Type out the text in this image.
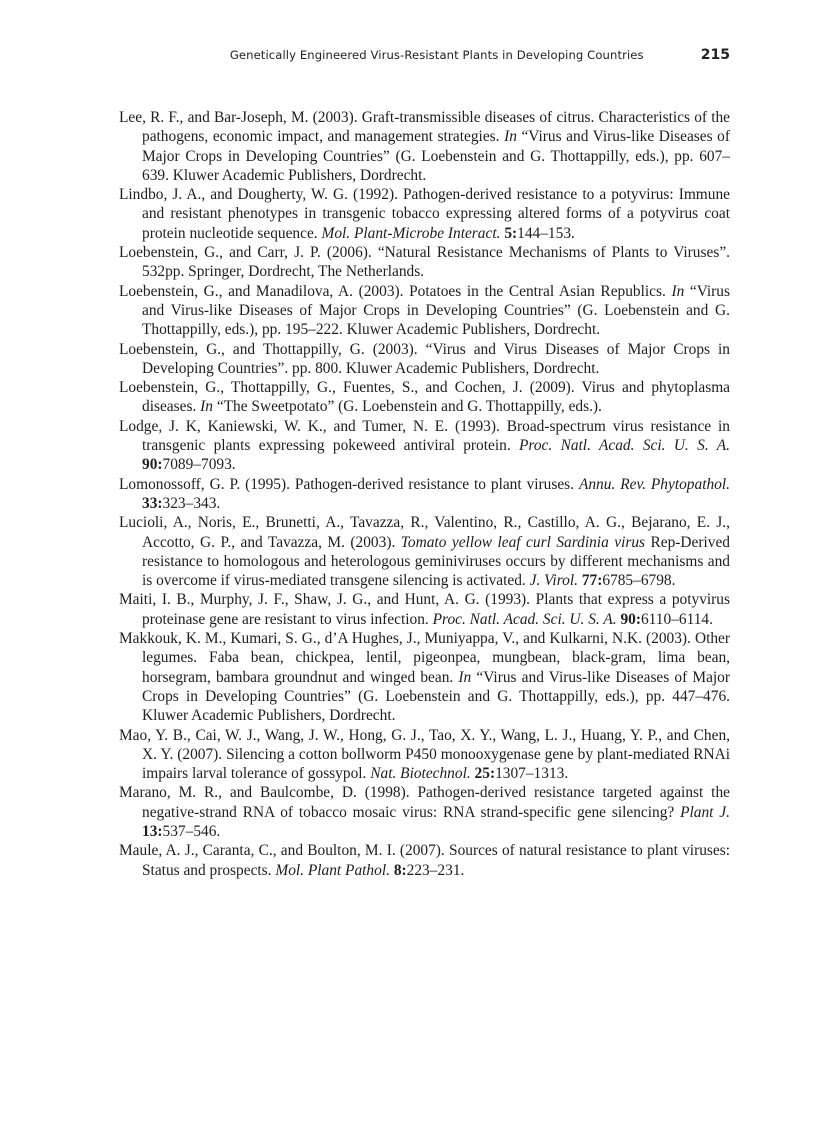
Genetically Engineered Virus-Resistant Plants in Developing Countries	215

Lee, R. F., and Bar-Joseph, M. (2003). Graft-transmissible diseases of citrus. Characteristics of the pathogens, economic impact, and management strategies. In “Virus and Virus-like Diseases of Major Crops in Developing Countries” (G. Loebenstein and G. Thottappilly, eds.), pp. 607–639. Kluwer Academic Publishers, Dordrecht.

Lindbo, J. A., and Dougherty, W. G. (1992). Pathogen-derived resistance to a potyvirus: Immune and resistant phenotypes in transgenic tobacco expressing altered forms of a potyvirus coat protein nucleotide sequence. Mol. Plant-Microbe Interact. 5:144–153.

Loebenstein, G., and Carr, J. P. (2006). “Natural Resistance Mechanisms of Plants to Viruses”. 532pp. Springer, Dordrecht, The Netherlands.

Loebenstein, G., and Manadilova, A. (2003). Potatoes in the Central Asian Republics. In “Virus and Virus-like Diseases of Major Crops in Developing Countries” (G. Loebenstein and G. Thottappilly, eds.), pp. 195–222. Kluwer Academic Publishers, Dordrecht.

Loebenstein, G., and Thottappilly, G. (2003). “Virus and Virus Diseases of Major Crops in Developing Countries”. pp. 800. Kluwer Academic Publishers, Dordrecht.

Loebenstein, G., Thottappilly, G., Fuentes, S., and Cochen, J. (2009). Virus and phytoplasma diseases. In “The Sweetpotato” (G. Loebenstein and G. Thottappilly, eds.).

Lodge, J. K, Kaniewski, W. K., and Tumer, N. E. (1993). Broad-spectrum virus resistance in transgenic plants expressing pokeweed antiviral protein. Proc. Natl. Acad. Sci. U. S. A. 90:7089–7093.

Lomonossoff, G. P. (1995). Pathogen-derived resistance to plant viruses. Annu. Rev. Phytopathol. 33:323–343.

Lucioli, A., Noris, E., Brunetti, A., Tavazza, R., Valentino, R., Castillo, A. G., Bejarano, E. J., Accotto, G. P., and Tavazza, M. (2003). Tomato yellow leaf curl Sardinia virus Rep-Derived resistance to homologous and heterologous geminiviruses occurs by different mechanisms and is overcome if virus-mediated transgene silencing is activated. J. Virol. 77:6785–6798.

Maiti, I. B., Murphy, J. F., Shaw, J. G., and Hunt, A. G. (1993). Plants that express a potyvirus proteinase gene are resistant to virus infection. Proc. Natl. Acad. Sci. U. S. A. 90:6110–6114.

Makkouk, K. M., Kumari, S. G., d’A Hughes, J., Muniyappa, V., and Kulkarni, N.K. (2003). Other legumes. Faba bean, chickpea, lentil, pigeonpea, mungbean, black-gram, lima bean, horsegram, bambara groundnut and winged bean. In “Virus and Virus-like Diseases of Major Crops in Developing Countries” (G. Loebenstein and G. Thottappilly, eds.), pp. 447–476. Kluwer Academic Publishers, Dordrecht.

Mao, Y. B., Cai, W. J., Wang, J. W., Hong, G. J., Tao, X. Y., Wang, L. J., Huang, Y. P., and Chen, X. Y. (2007). Silencing a cotton bollworm P450 monooxygenase gene by plant-mediated RNAi impairs larval tolerance of gossypol. Nat. Biotechnol. 25:1307–1313.

Marano, M. R., and Baulcombe, D. (1998). Pathogen-derived resistance targeted against the negative-strand RNA of tobacco mosaic virus: RNA strand-specific gene silencing? Plant J. 13:537–546.

Maule, A. J., Caranta, C., and Boulton, M. I. (2007). Sources of natural resistance to plant viruses: Status and prospects. Mol. Plant Pathol. 8:223–231.
